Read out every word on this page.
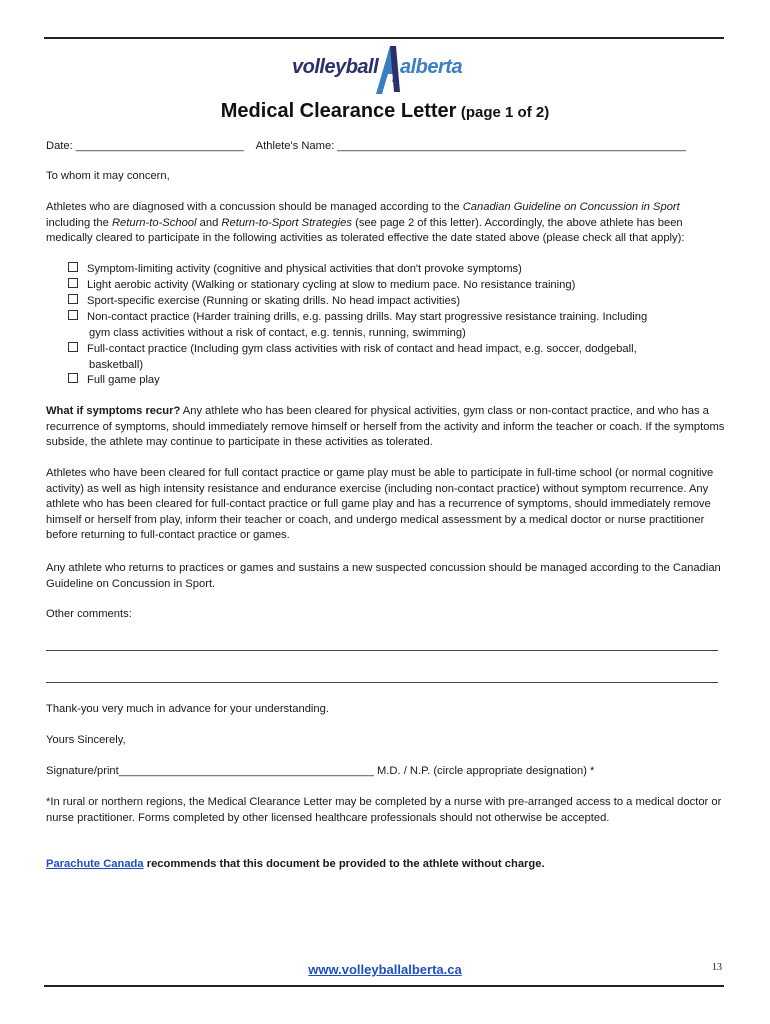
volleyball alberta
Medical Clearance Letter (page 1 of 2)
Date: ___________________________ Athlete's Name: ________________________________________________________
To whom it may concern,
Athletes who are diagnosed with a concussion should be managed according to the Canadian Guideline on Concussion in Sport including the Return-to-School and Return-to-Sport Strategies (see page 2 of this letter). Accordingly, the above athlete has been medically cleared to participate in the following activities as tolerated effective the date stated above (please check all that apply):
Symptom-limiting activity (cognitive and physical activities that don't provoke symptoms)
Light aerobic activity (Walking or stationary cycling at slow to medium pace. No resistance training)
Sport-specific exercise (Running or skating drills. No head impact activities)
Non-contact practice (Harder training drills, e.g. passing drills. May start progressive resistance training. Including
gym class activities without a risk of contact, e.g. tennis, running, swimming)
Full-contact practice (Including gym class activities with risk of contact and head impact, e.g. soccer, dodgeball,
basketball)
Full game play
What if symptoms recur? Any athlete who has been cleared for physical activities, gym class or non-contact practice, and who has a recurrence of symptoms, should immediately remove himself or herself from the activity and inform the teacher or coach. If the symptoms subside, the athlete may continue to participate in these activities as tolerated.
Athletes who have been cleared for full contact practice or game play must be able to participate in full-time school (or normal cognitive activity) as well as high intensity resistance and endurance exercise (including non-contact practice) without symptom recurrence. Any athlete who has been cleared for full-contact practice or full game play and has a recurrence of symptoms, should immediately remove himself or herself from play, inform their teacher or coach, and undergo medical assessment by a medical doctor or nurse practitioner before returning to full-contact practice or games.
Any athlete who returns to practices or games and sustains a new suspected concussion should be managed according to the Canadian Guideline on Concussion in Sport.
Other comments:
Thank-you very much in advance for your understanding.
Yours Sincerely,
Signature/print_________________________________________ M.D. / N.P. (circle appropriate designation) *
*In rural or northern regions, the Medical Clearance Letter may be completed by a nurse with pre-arranged access to a medical doctor or nurse practitioner. Forms completed by other licensed healthcare professionals should not otherwise be accepted.
Parachute Canada recommends that this document be provided to the athlete without charge.
www.volleyballalberta.ca	13
